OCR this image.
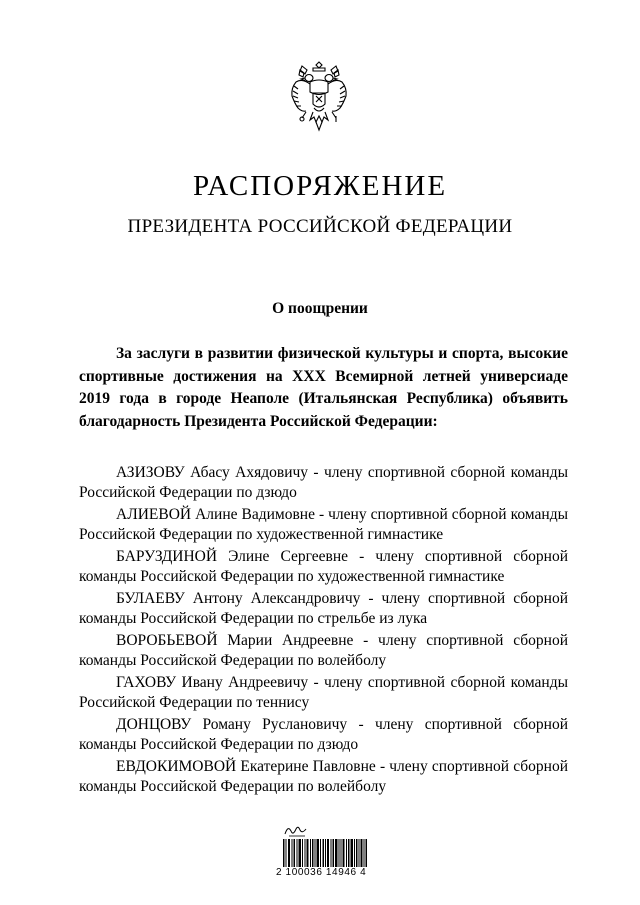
РАСПОРЯЖЕНИЕ
ПРЕЗИДЕНТА РОССИЙСКОЙ ФЕДЕРАЦИИ
О поощрении
За заслуги в развитии физической культуры и спорта, высокие спортивные достижения на XXX Всемирной летней универсиаде 2019 года в городе Неаполе (Итальянская Республика) объявить благодарность Президента Российской Федерации:

АЗИЗОВУ Абасу Ахядовичу - члену спортивной сборной команды Российской Федерации по дзюдо

АЛИЕВОЙ Алине Вадимовне - члену спортивной сборной команды Российской Федерации по художественной гимнастике

БАРУЗДИНОЙ Элине Сергеевне - члену спортивной сборной команды Российской Федерации по художественной гимнастике

БУЛАЕВУ Антону Александровичу - члену спортивной сборной команды Российской Федерации по стрельбе из лука

ВОРОБЬЕВОЙ Марии Андреевне - члену спортивной сборной команды Российской Федерации по волейболу

ГАХОВУ Ивану Андреевичу - члену спортивной сборной команды Российской Федерации по теннису

ДОНЦОВУ Роману Руслановичу - члену спортивной сборной команды Российской Федерации по дзюдо

ЕВДОКИМОВОЙ Екатерине Павловне - члену спортивной сборной команды Российской Федерации по волейболу

2 100036 14946 4
